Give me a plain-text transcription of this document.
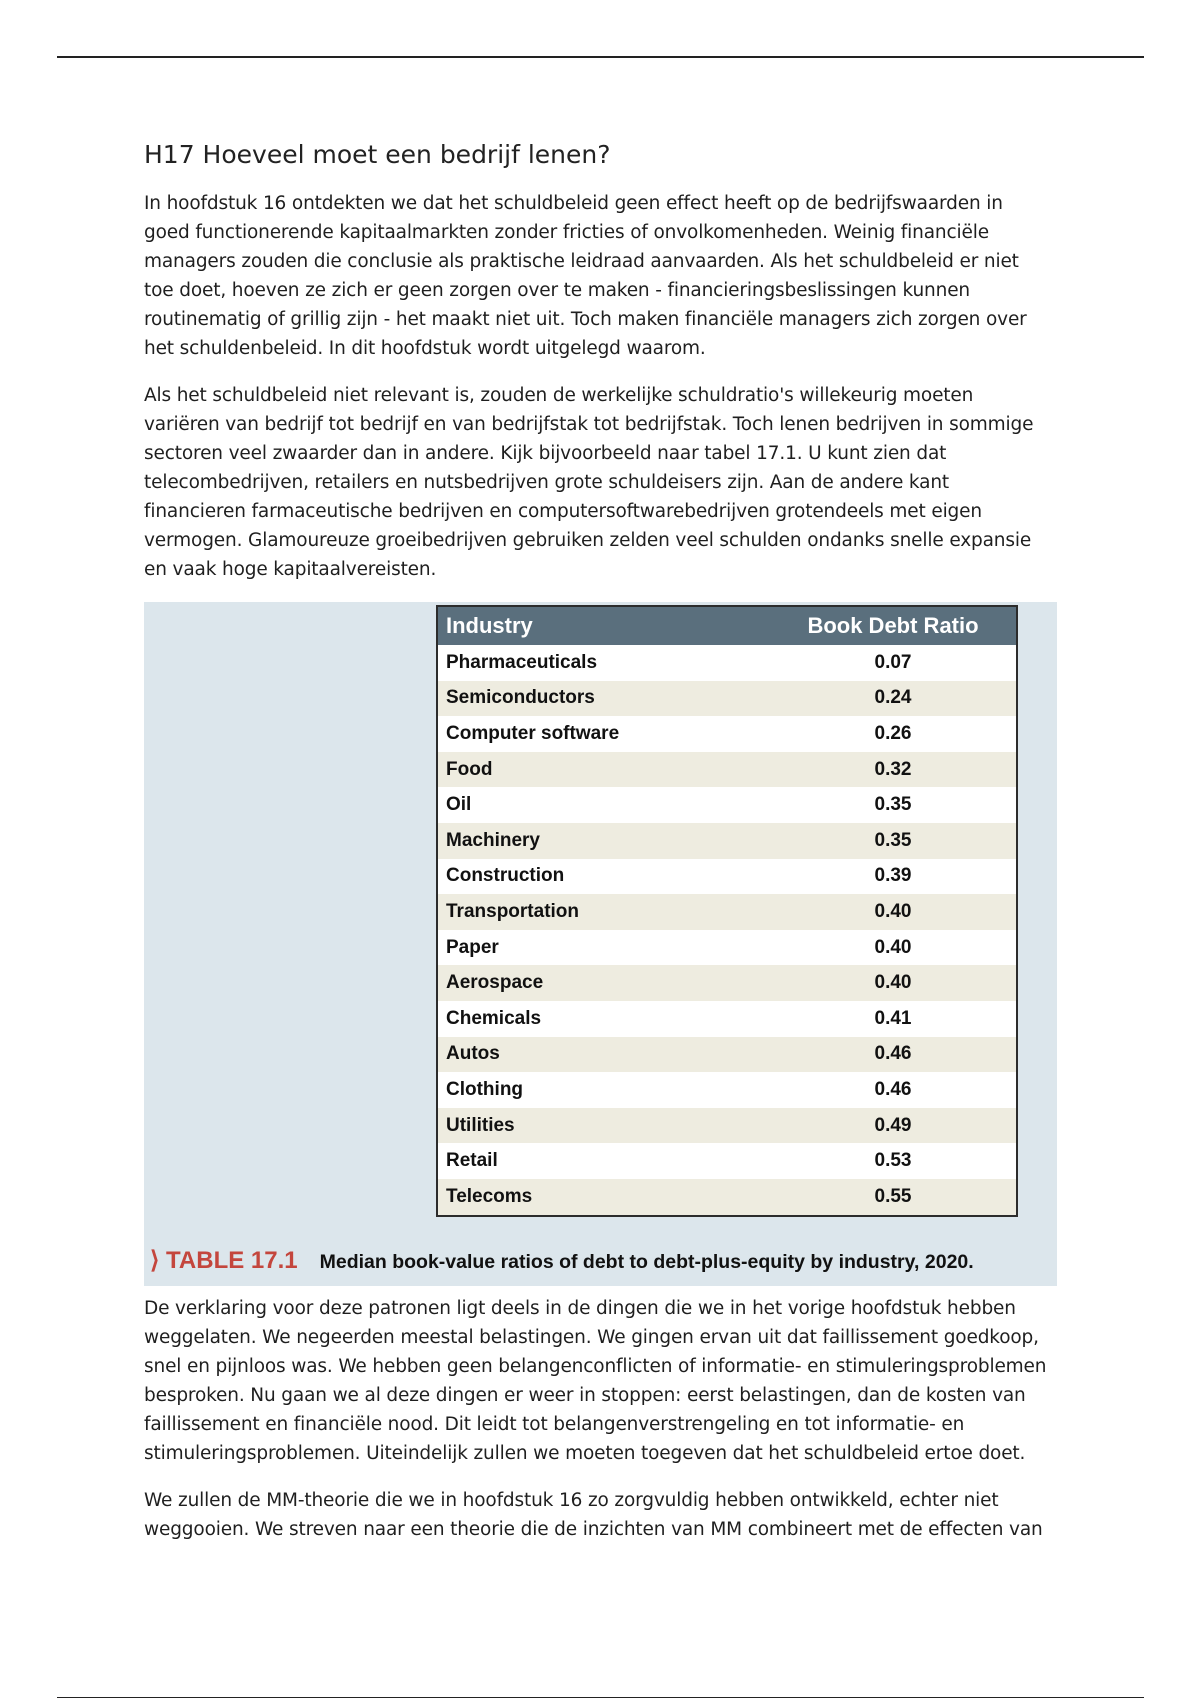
H17 Hoeveel moet een bedrijf lenen?

In hoofdstuk 16 ontdekten we dat het schuldbeleid geen effect heeft op de bedrijfswaarden in goed functionerende kapitaalmarkten zonder fricties of onvolkomenheden. Weinig financiële managers zouden die conclusie als praktische leidraad aanvaarden. Als het schuldbeleid er niet toe doet, hoeven ze zich er geen zorgen over te maken - financieringsbeslissingen kunnen routinematig of grillig zijn - het maakt niet uit. Toch maken financiële managers zich zorgen over het schuldenbeleid. In dit hoofdstuk wordt uitgelegd waarom.

Als het schuldbeleid niet relevant is, zouden de werkelijke schuldratio's willekeurig moeten variëren van bedrijf tot bedrijf en van bedrijfstak tot bedrijfstak. Toch lenen bedrijven in sommige sectoren veel zwaarder dan in andere. Kijk bijvoorbeeld naar tabel 17.1. U kunt zien dat telecombedrijven, retailers en nutsbedrijven grote schuldeisers zijn. Aan de andere kant financieren farmaceutische bedrijven en computersoftwarebedrijven grotendeels met eigen vermogen. Glamoureuze groeibedrijven gebruiken zelden veel schulden ondanks snelle expansie en vaak hoge kapitaalvereisten.

Industry	Book Debt Ratio
Pharmaceuticals	0.07
Semiconductors	0.24
Computer software	0.26
Food	0.32
Oil	0.35
Machinery	0.35
Construction	0.39
Transportation	0.40
Paper	0.40
Aerospace	0.40
Chemicals	0.41
Autos	0.46
Clothing	0.46
Utilities	0.49
Retail	0.53
Telecoms	0.55
⟩ TABLE 17.1 Median book-value ratios of debt to debt-plus-equity by industry, 2020.

De verklaring voor deze patronen ligt deels in de dingen die we in het vorige hoofdstuk hebben weggelaten. We negeerden meestal belastingen. We gingen ervan uit dat faillissement goedkoop, snel en pijnloos was. We hebben geen belangenconflicten of informatie- en stimuleringsproblemen besproken. Nu gaan we al deze dingen er weer in stoppen: eerst belastingen, dan de kosten van faillissement en financiële nood. Dit leidt tot belangenverstrengeling en tot informatie- en stimuleringsproblemen. Uiteindelijk zullen we moeten toegeven dat het schuldbeleid ertoe doet.

We zullen de MM-theorie die we in hoofdstuk 16 zo zorgvuldig hebben ontwikkeld, echter niet weggooien. We streven naar een theorie die de inzichten van MM combineert met de effecten van
